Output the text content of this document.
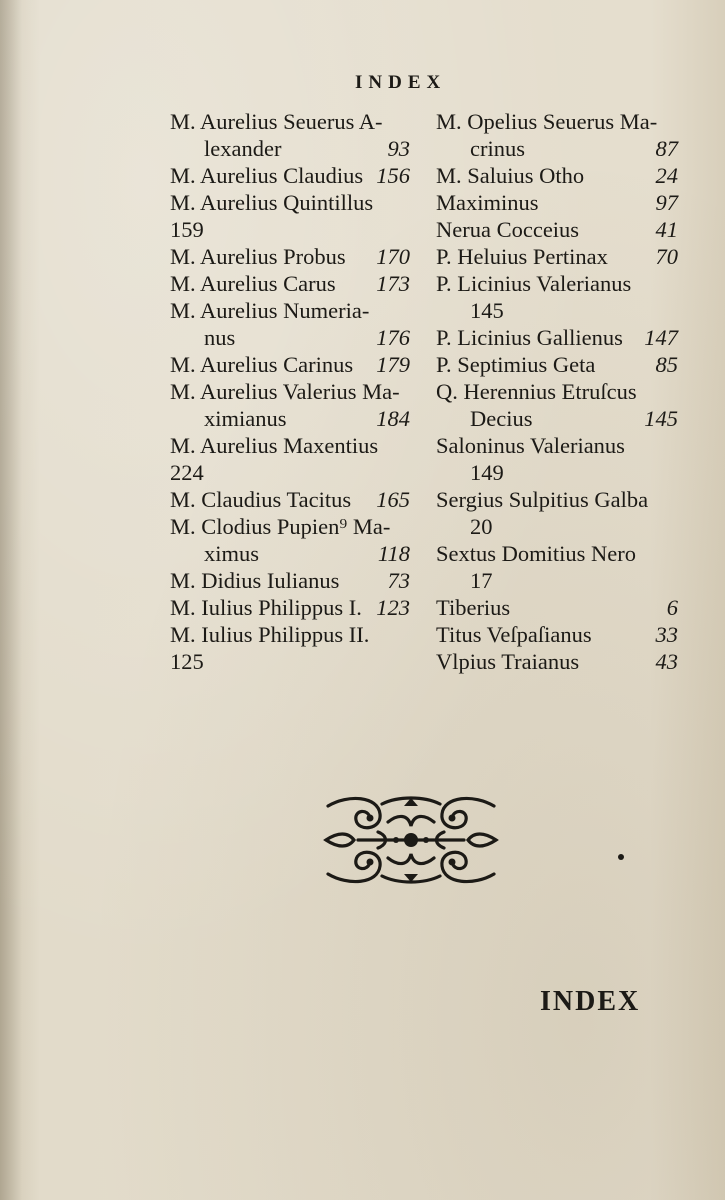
INDEX
M. Aurelius Seuerus A-
lexander	93
M. Aurelius Claudius 156
M. Aurelius Quintillus
159
M. Aurelius Probus 170
M. Aurelius Carus 173
M. Aurelius Numeria-
nus	176
M. Aurelius Carinus 179
M. Aurelius Valerius Ma-
ximianus	184
M. Aurelius Maxentius
224
M. Claudius Tacitus 165
M. Clodius Pupien⁹ Ma-
ximus	118
M. Didius Iulianus 73
M. Iulius Philippus I. 123
M. Iulius Philippus II.
125
M. Opelius Seuerus Ma-
crinus	87
M. Saluius Otho	24
Maximinus	97
Nerua Cocceius	41
P. Heluius Pertinax 70
P. Licinius Valerianus
145
P. Licinius Gallienus 147
P. Septimius Geta	85
Q. Herennius Etruſcus
Decius	145
Saloninus Valerianus
149
Sergius Sulpitius Galba
20
Sextus Domitius Nero
17
Tiberius	6
Titus Veſpaſianus	33
Vlpius Traianus	43
INDEX
